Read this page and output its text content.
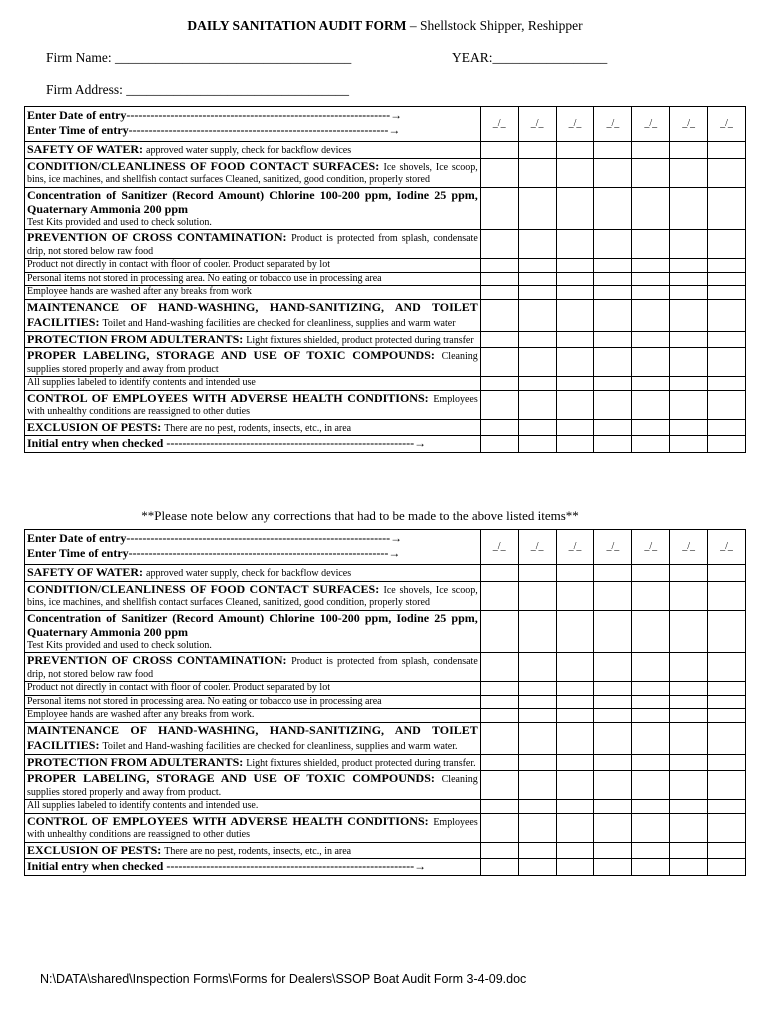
DAILY SANITATION AUDIT FORM – Shellstock Shipper, Reshipper
Firm Name: ___________________________________	YEAR:_________________
Firm Address: _________________________________
Enter Date of entry------------------------------------------------------------------→
Enter Time of entry-----------------------------------------------------------------→	_/_	_/_	_/_	_/_	_/_	_/_	_/_
SAFETY OF WATER: approved water supply, check for backflow devices							
CONDITION/CLEANLINESS OF FOOD CONTACT SURFACES: Ice shovels, Ice scoop, bins, ice machines, and shellfish contact surfaces Cleaned, sanitized, good condition, properly stored							

Concentration of Sanitizer (Record Amount) Chlorine 100-200 ppm, Iodine 25 ppm, Quaternary Ammonia 200 ppm
Test Kits provided and used to check solution.							

PREVENTION OF CROSS CONTAMINATION: Product is protected from splash, condensate drip, not stored below raw food							
Product not directly in contact with floor of cooler. Product separated by lot							
Personal items not stored in processing area. No eating or tobacco use in processing area							
Employee hands are washed after any breaks from work							
MAINTENANCE OF HAND-WASHING, HAND-SANITIZING, AND TOILET FACILITIES: Toilet and Hand-washing facilities are checked for cleanliness, supplies and warm water							
PROTECTION FROM ADULTERANTS: Light fixtures shielded, product protected during transfer							
PROPER LABELING, STORAGE AND USE OF TOXIC COMPOUNDS: Cleaning supplies stored properly and away from product							
All supplies labeled to identify contents and intended use							
CONTROL OF EMPLOYEES WITH ADVERSE HEALTH CONDITIONS: Employees with unhealthy conditions are reassigned to other duties							
EXCLUSION OF PESTS: There are no pest, rodents, insects, etc., in area							
Initial entry when checked --------------------------------------------------------------→							
**Please note below any corrections that had to be made to the above listed items**
Enter Date of entry------------------------------------------------------------------→
Enter Time of entry-----------------------------------------------------------------→	_/_	_/_	_/_	_/_	_/_	_/_	_/_
SAFETY OF WATER: approved water supply, check for backflow devices							
CONDITION/CLEANLINESS OF FOOD CONTACT SURFACES: Ice shovels, Ice scoop, bins, ice machines, and shellfish contact surfaces Cleaned, sanitized, good condition, properly stored							

Concentration of Sanitizer (Record Amount) Chlorine 100-200 ppm, Iodine 25 ppm, Quaternary Ammonia 200 ppm
Test Kits provided and used to check solution.							

PREVENTION OF CROSS CONTAMINATION: Product is protected from splash, condensate drip, not stored below raw food							
Product not directly in contact with floor of cooler. Product separated by lot							
Personal items not stored in processing area. No eating or tobacco use in processing area							
Employee hands are washed after any breaks from work.							
MAINTENANCE OF HAND-WASHING, HAND-SANITIZING, AND TOILET FACILITIES: Toilet and Hand-washing facilities are checked for cleanliness, supplies and warm water.							
PROTECTION FROM ADULTERANTS: Light fixtures shielded, product protected during transfer.							
PROPER LABELING, STORAGE AND USE OF TOXIC COMPOUNDS: Cleaning supplies stored properly and away from product.							
All supplies labeled to identify contents and intended use.							
CONTROL OF EMPLOYEES WITH ADVERSE HEALTH CONDITIONS: Employees with unhealthy conditions are reassigned to other duties							
EXCLUSION OF PESTS: There are no pest, rodents, insects, etc., in area							
Initial entry when checked --------------------------------------------------------------→							
N:\DATA\shared\Inspection Forms\Forms for Dealers\SSOP Boat Audit Form 3-4-09.doc
